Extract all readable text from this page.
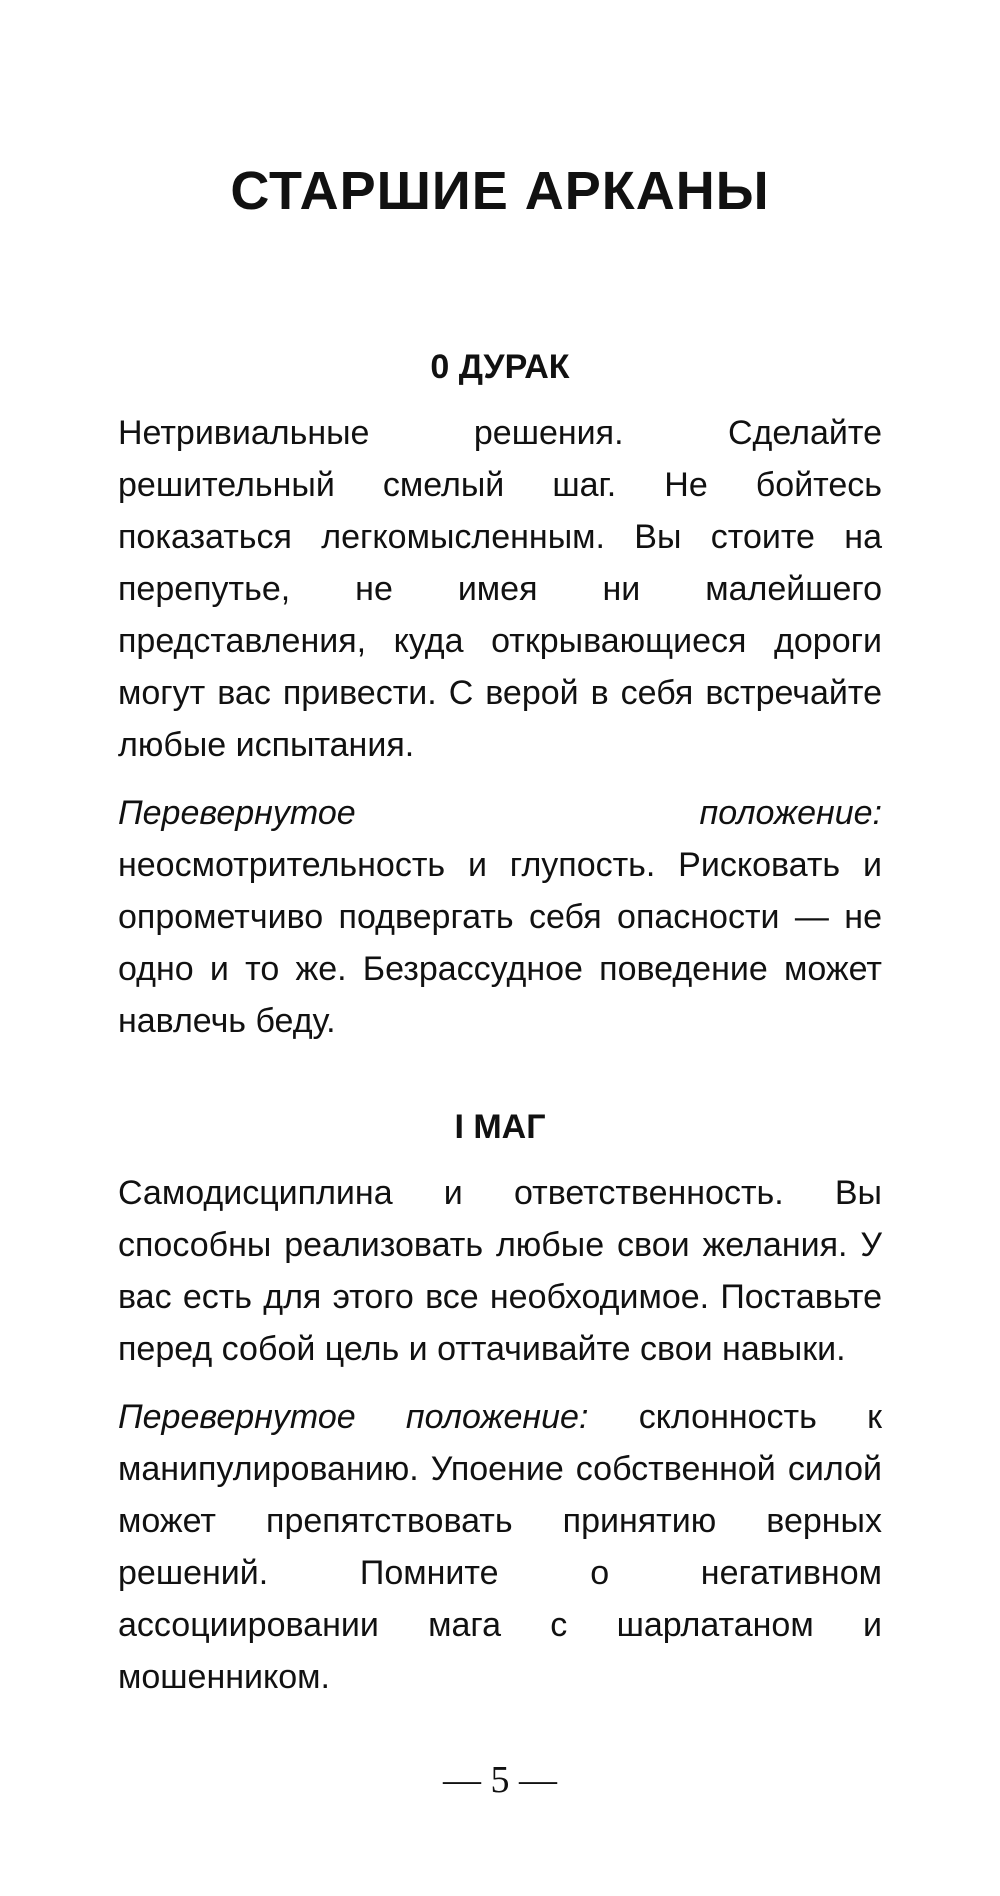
СТАРШИЕ АРКАНЫ
0 ДУРАК

Нетривиальные решения. Сделайте решительный смелый шаг. Не бойтесь показаться легкомысленным. Вы стоите на перепутье, не имея ни малейшего представления, куда открывающиеся дороги могут вас привести. С верой в себя встречайте любые испытания.

Перевернутое положение: неосмотрительность и глупость. Рисковать и опрометчиво подвергать себя опасности — не одно и то же. Безрассудное поведение может навлечь беду.

I МАГ

Самодисциплина и ответственность. Вы способны реализовать любые свои желания. У вас есть для этого все необходимое. Поставьте перед собой цель и оттачивайте свои навыки.

Перевернутое положение: склонность к манипулированию. Упоение собственной силой может препятствовать принятию верных решений. Помните о негативном ассоциировании мага с шарлатаном и мошенником.

— 5 —
